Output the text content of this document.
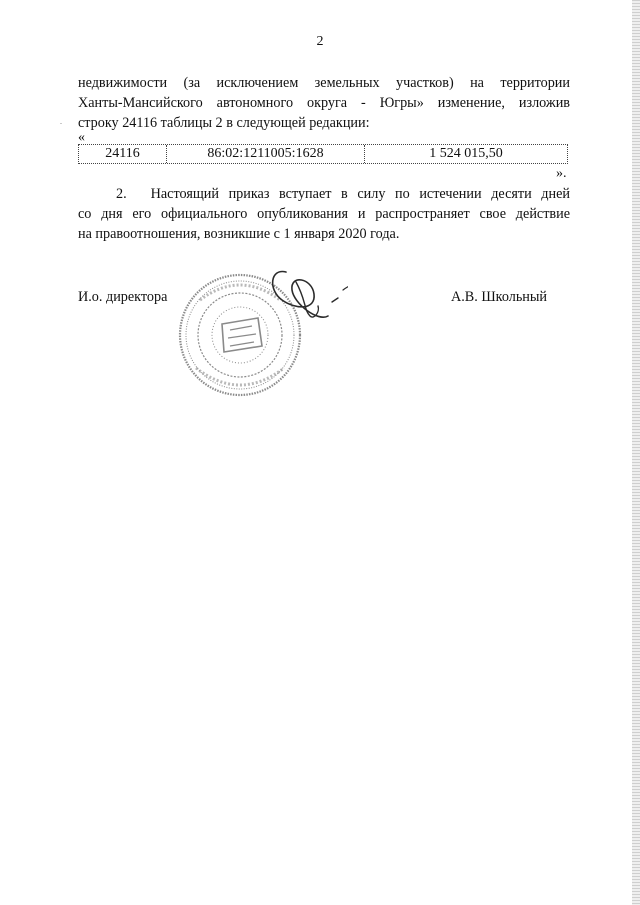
2
.
недвижимости (за исключением земельных участков) на территории
Ханты-Мансийского автономного округа - Югры» изменение, изложив
строку 24116 таблицы 2 в следующей редакции:
«
24116	86:02:1211005:1628	1 524 015,50
».
2. Настоящий приказ вступает в силу по истечении десяти дней
со дня его официального опубликования и распространяет свое действие
на правоотношения, возникшие с 1 января 2020 года.
И.о. директора	А.В. Школьный
